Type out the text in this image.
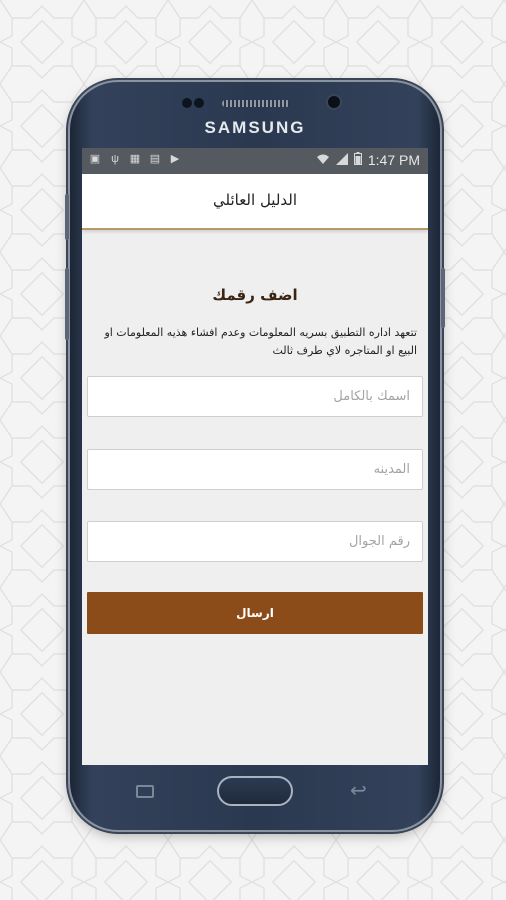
SAMSUNG
▣ ψ ▦ ▤ ▶	1:47 PM
الدليل العائلي
اضف رقمك
تتعهد اداره التطبيق بسريه المعلومات وعدم افشاء هذيه المعلومات او البيع او المتاجره لاي طرف ثالث
اسمك بالكامل
المدينه
رقم الجوال
ارسال
↩
